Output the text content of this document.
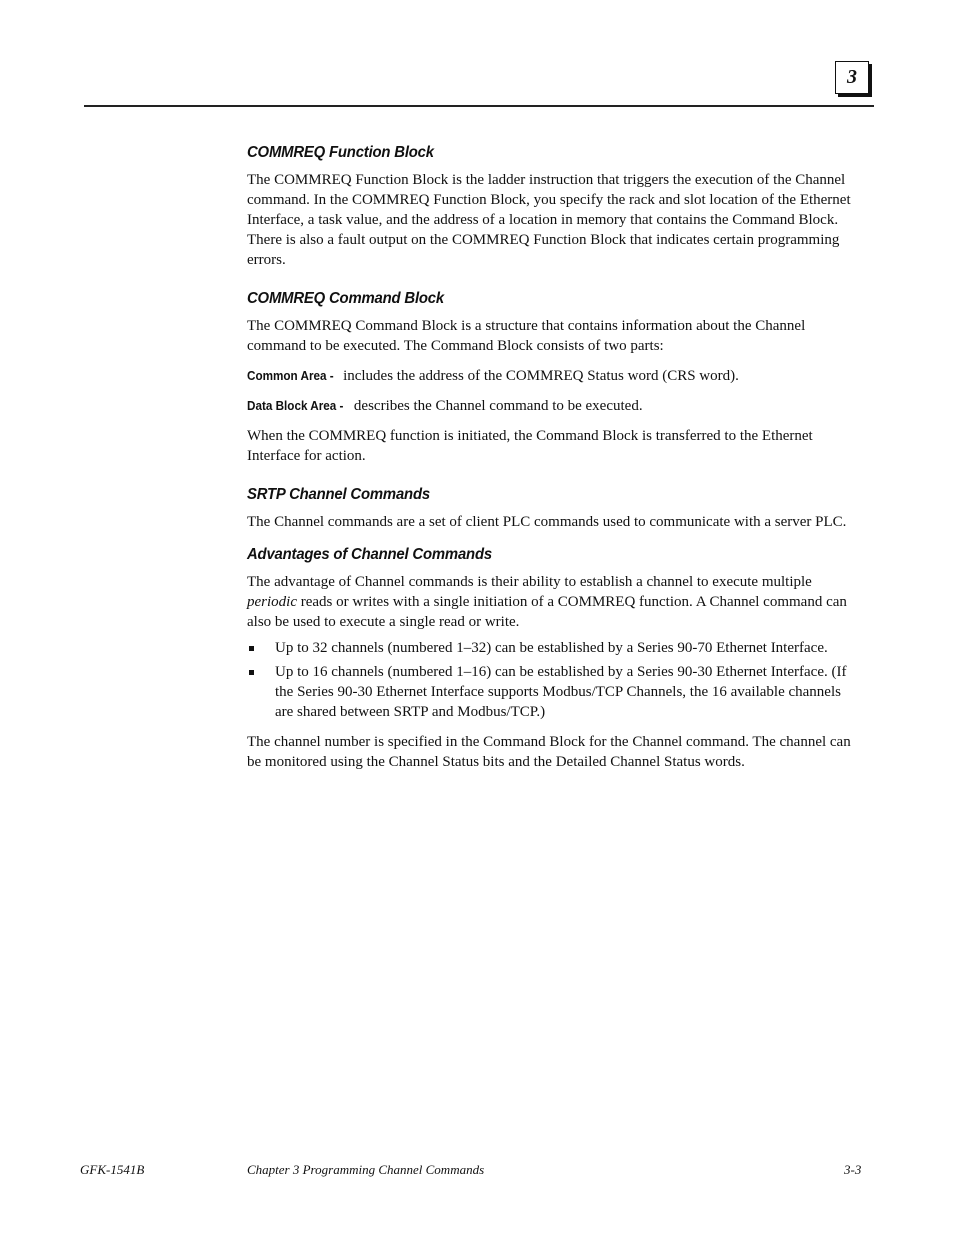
3
COMMREQ Function Block

The COMMREQ Function Block is the ladder instruction that triggers the execution of the Channel command. In the COMMREQ Function Block, you specify the rack and slot location of the Ethernet Interface, a task value, and the address of a location in memory that contains the Command Block. There is also a fault output on the COMMREQ Function Block that indicates certain programming errors.

COMMREQ Command Block

The COMMREQ Command Block is a structure that contains information about the Channel command to be executed. The Command Block consists of two parts:

Common Area - includes the address of the COMMREQ Status word (CRS word).

Data Block Area - describes the Channel command to be executed.

When the COMMREQ function is initiated, the Command Block is transferred to the Ethernet Interface for action.

SRTP Channel Commands

The Channel commands are a set of client PLC commands used to communicate with a server PLC.

Advantages of Channel Commands

The advantage of Channel commands is their ability to establish a channel to execute multiple periodic reads or writes with a single initiation of a COMMREQ function. A Channel command can also be used to execute a single read or write.

Up to 32 channels (numbered 1–32) can be established by a Series 90-70 Ethernet Interface.
Up to 16 channels (numbered 1–16) can be established by a Series 90-30 Ethernet Interface. (If the Series 90-30 Ethernet Interface supports Modbus/TCP Channels, the 16 available channels are shared between SRTP and Modbus/TCP.)

The channel number is specified in the Command Block for the Channel command. The channel can be monitored using the Channel Status bits and the Detailed Channel Status words.

GFK-1541B	Chapter 3 Programming Channel Commands	3-3
